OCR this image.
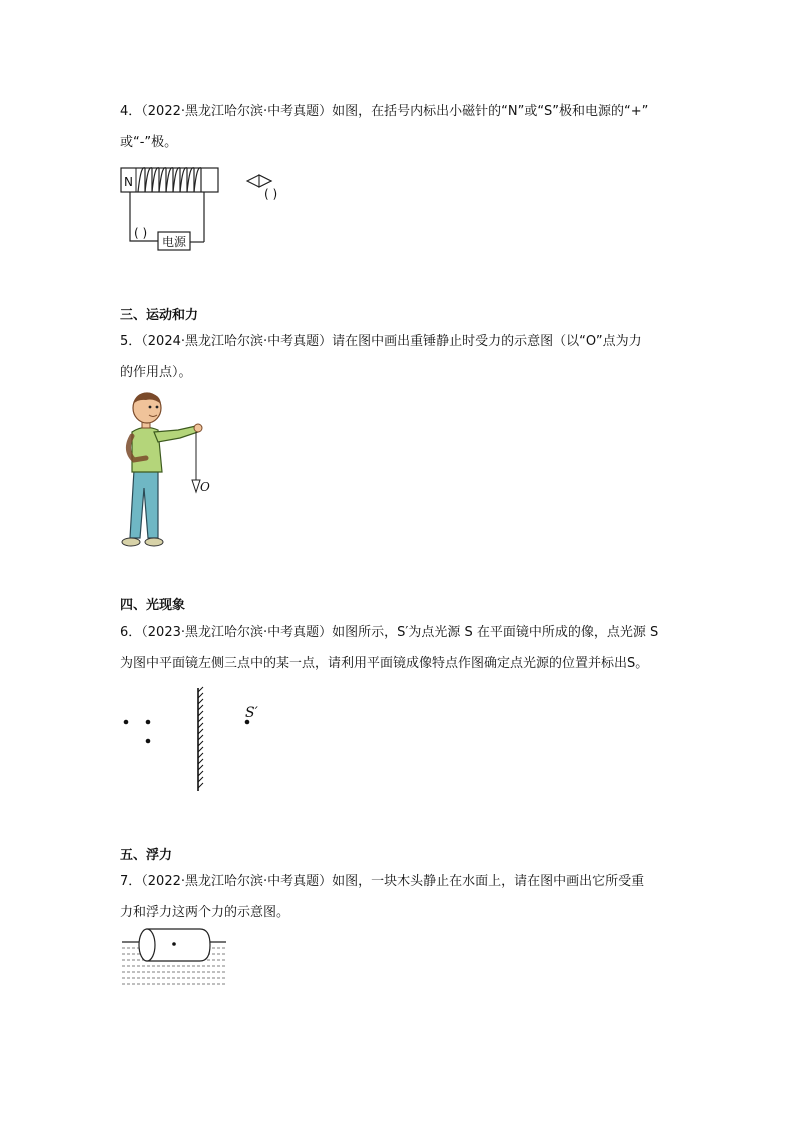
4．（2022·黑龙江哈尔滨·中考真题）如图，在括号内标出小磁针的“N”或“S”极和电源的“+”
或“-”极。
N
电源
( )
( )
三、运动和力
5．（2024·黑龙江哈尔滨·中考真题）请在图中画出重锤静止时受力的示意图（以“O”点为力
的作用点）。
O
四、光现象
6．（2023·黑龙江哈尔滨·中考真题）如图所示，S′为点光源 S 在平面镜中所成的像，点光源 S
为图中平面镜左侧三点中的某一点，请利用平面镜成像特点作图确定点光源的位置并标出S。
S′
五、浮力
7．（2022·黑龙江哈尔滨·中考真题）如图，一块木头静止在水面上，请在图中画出它所受重
力和浮力这两个力的示意图。
